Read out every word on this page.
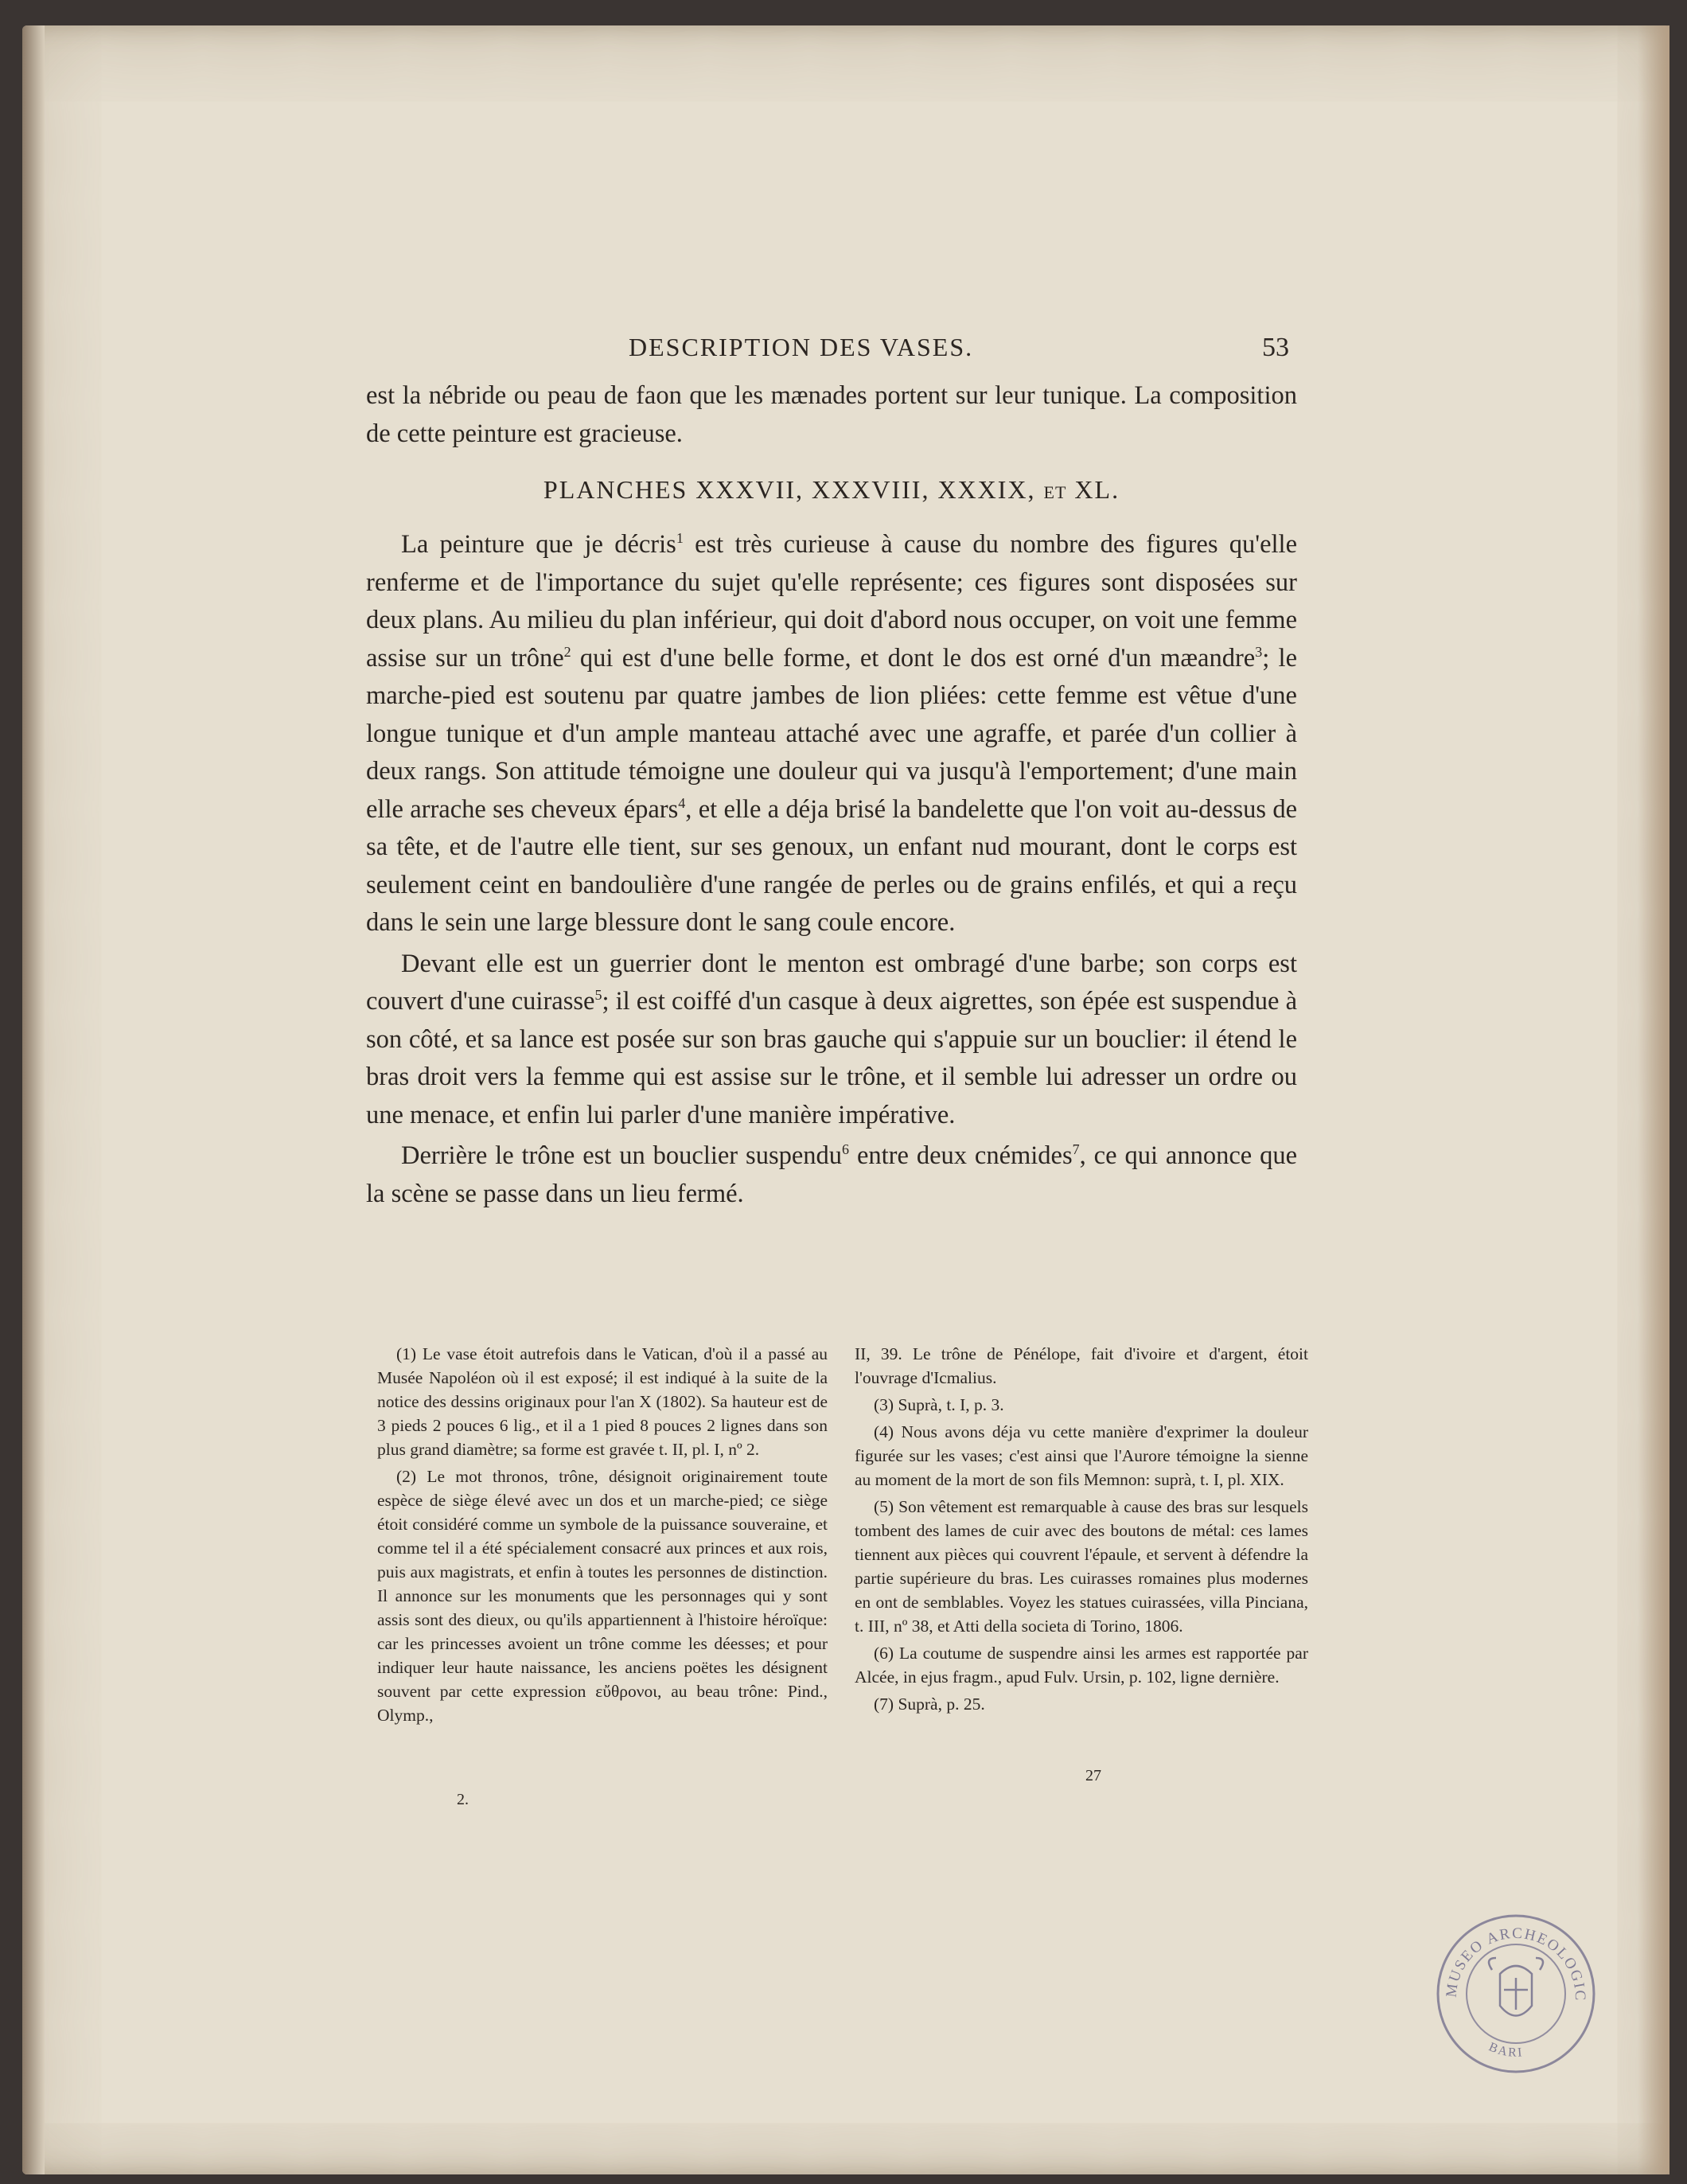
DESCRIPTION DES VASES.	53

est la nébride ou peau de faon que les mænades portent sur leur tunique. La composition de cette peinture est gracieuse.

PLANCHES XXXVII, XXXVIII, XXXIX, ET XL.

La peinture que je décris$^1$ est très curieuse à cause du nombre des figures qu'elle renferme et de l'importance du sujet qu'elle représente; ces figures sont disposées sur deux plans. Au milieu du plan inférieur, qui doit d'abord nous occuper, on voit une femme assise sur un trône$^2$ qui est d'une belle forme, et dont le dos est orné d'un mæandre$^3$; le marche-pied est soutenu par quatre jambes de lion pliées: cette femme est vêtue d'une longue tunique et d'un ample manteau attaché avec une agraffe, et parée d'un collier à deux rangs. Son attitude témoigne une douleur qui va jusqu'à l'emportement; d'une main elle arrache ses cheveux épars$^4$, et elle a déja brisé la bandelette que l'on voit au-dessus de sa tête, et de l'autre elle tient, sur ses genoux, un enfant nud mourant, dont le corps est seulement ceint en bandoulière d'une rangée de perles ou de grains enfilés, et qui a reçu dans le sein une large blessure dont le sang coule encore.

Devant elle est un guerrier dont le menton est ombragé d'une barbe; son corps est couvert d'une cuirasse$^5$; il est coiffé d'un casque à deux aigrettes, son épée est suspendue à son côté, et sa lance est posée sur son bras gauche qui s'appuie sur un bouclier: il étend le bras droit vers la femme qui est assise sur le trône, et il semble lui adresser un ordre ou une menace, et enfin lui parler d'une manière impérative.

Derrière le trône est un bouclier suspendu$^6$ entre deux cnémides$^7$, ce qui annonce que la scène se passe dans un lieu fermé.

(1) Le vase étoit autrefois dans le Vatican, d'où il a passé au Musée Napoléon où il est exposé; il est indiqué à la suite de la notice des dessins originaux pour l'an X (1802). Sa hauteur est de 3 pieds 2 pouces 6 lig., et il a 1 pied 8 pouces 2 lignes dans son plus grand diamètre; sa forme est gravée t. II, pl. I, nº 2.

(2) Le mot thronos, trône, désignoit originairement toute espèce de siège élevé avec un dos et un marche-pied; ce siège étoit considéré comme un symbole de la puissance souveraine, et comme tel il a été spécialement consacré aux princes et aux rois, puis aux magistrats, et enfin à toutes les personnes de distinction. Il annonce sur les monuments que les personnages qui y sont assis sont des dieux, ou qu'ils appartiennent à l'histoire héroïque: car les princesses avoient un trône comme les déesses; et pour indiquer leur haute naissance, les anciens poëtes les désignent souvent par cette expression εὔθρονοι, au beau trône: Pind., Olymp.,

II, 39. Le trône de Pénélope, fait d'ivoire et d'argent, étoit l'ouvrage d'Icmalius.

(3) Suprà, t. I, p. 3.

(4) Nous avons déja vu cette manière d'exprimer la douleur figurée sur les vases; c'est ainsi que l'Aurore témoigne la sienne au moment de la mort de son fils Memnon: suprà, t. I, pl. XIX.

(5) Son vêtement est remarquable à cause des bras sur lesquels tombent des lames de cuir avec des boutons de métal: ces lames tiennent aux pièces qui couvrent l'épaule, et servent à défendre la partie supérieure du bras. Les cuirasses romaines plus modernes en ont de semblables. Voyez les statues cuirassées, villa Pinciana, t. III, nº 38, et Atti della societa di Torino, 1806.

(6) La coutume de suspendre ainsi les armes est rapportée par Alcée, in ejus fragm., apud Fulv. Ursin, p. 102, ligne dernière.

(7) Suprà, p. 25.

2.
27
MUSEO ARCHEOLOGIC
BARI
